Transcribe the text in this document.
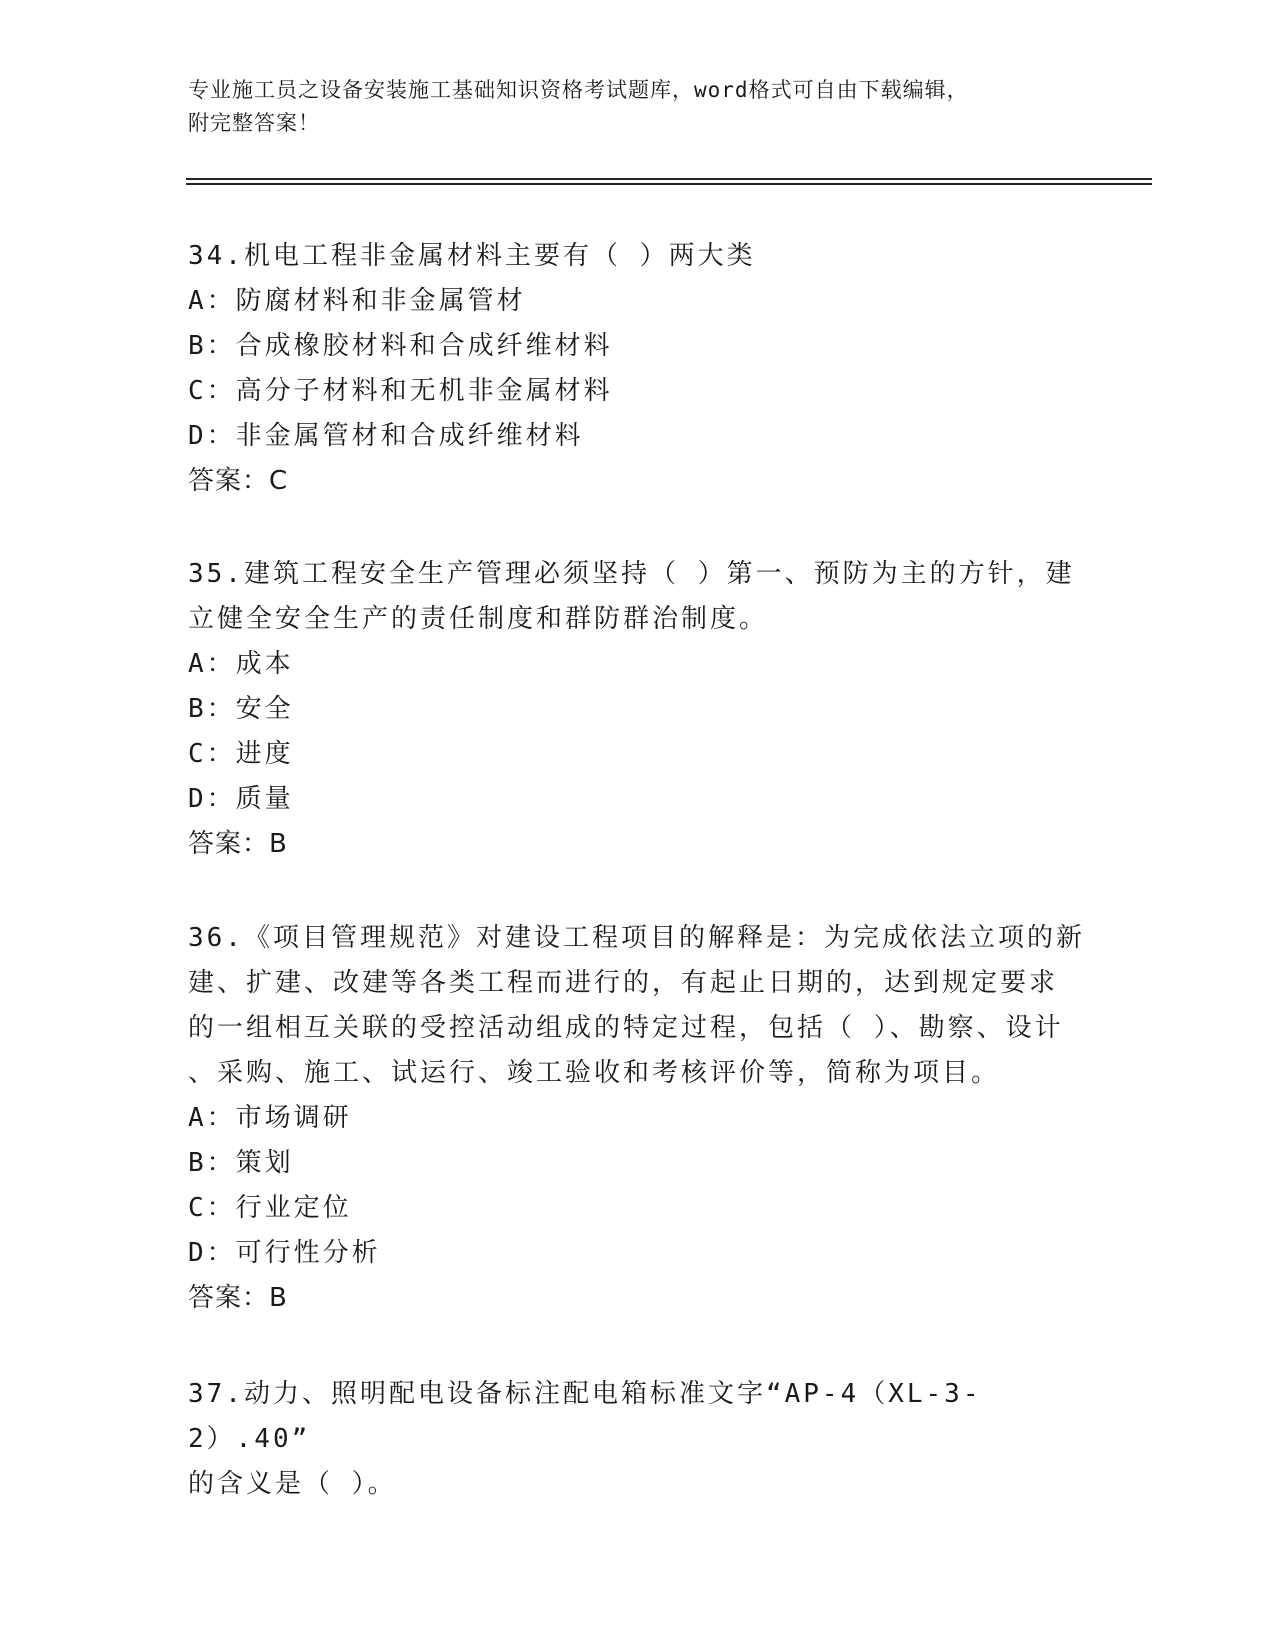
专业施工员之设备安装施工基础知识资格考试题库，word格式可自由下载编辑，
附完整答案！
34.机电工程非金属材料主要有（ ）两大类
A：防腐材料和非金属管材
B：合成橡胶材料和合成纤维材料
C：高分子材料和无机非金属材料
D：非金属管材和合成纤维材料
答案：C
35.建筑工程安全生产管理必须坚持（ ）第一、预防为主的方针，建
立健全安全生产的责任制度和群防群治制度。
A：成本
B：安全
C：进度
D：质量
答案：B
36.《项目管理规范》对建设工程项目的解释是：为完成依法立项的新
建、扩建、改建等各类工程而进行的，有起止日期的，达到规定要求
的一组相互关联的受控活动组成的特定过程，包括（ ）、勘察、设计
、采购、施工、试运行、竣工验收和考核评价等，简称为项目。
A：市场调研
B：策划
C：行业定位
D：可行性分析
答案：B
37.动力、照明配电设备标注配电箱标准文字“AP-4（XL-3-2）.40”
的含义是（ ）。
